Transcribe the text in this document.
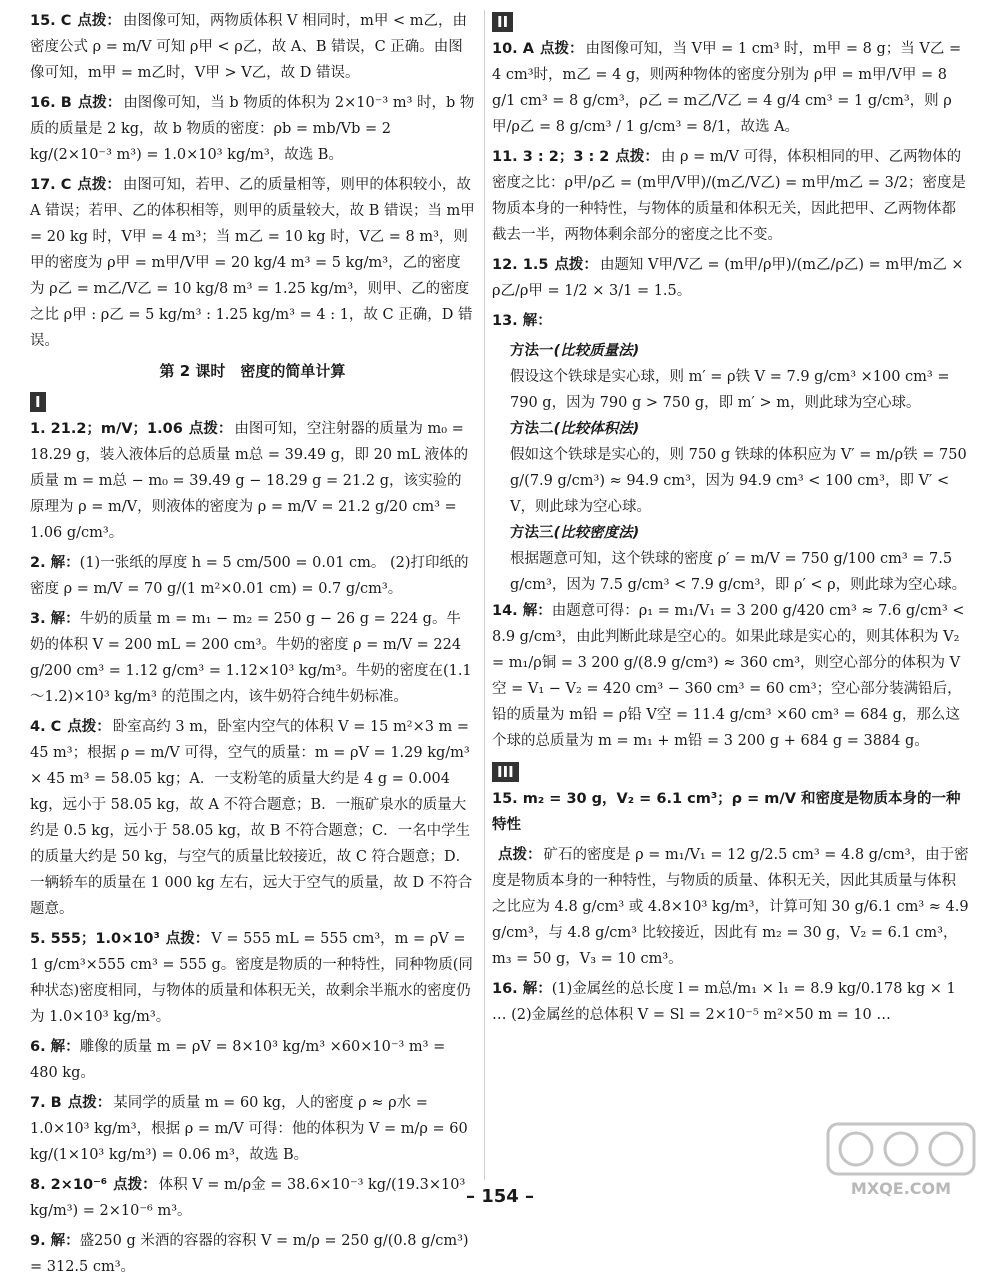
15. C 点拨： 由图像可知，两物质体积 V 相同时，m甲 < m乙，由密度公式 ρ = m/V 可知 ρ甲 < ρ乙，故 A、B 错误，C 正确。由图像可知，m甲 = m乙时，V甲 > V乙，故 D 错误。

16. B 点拨： 由图像可知，当 b 物质的体积为 2×10⁻³ m³ 时，b 物质的质量是 2 kg，故 b 物质的密度：ρb = mb/Vb = 2 kg/(2×10⁻³ m³) = 1.0×10³ kg/m³，故选 B。

17. C 点拨： 由图可知，若甲、乙的质量相等，则甲的体积较小，故 A 错误；若甲、乙的体积相等，则甲的质量较大，故 B 错误；当 m甲 = 20 kg 时，V甲 = 4 m³；当 m乙 = 10 kg 时，V乙 = 8 m³，则甲的密度为 ρ甲 = m甲/V甲 = 20 kg/4 m³ = 5 kg/m³，乙的密度为 ρ乙 = m乙/V乙 = 10 kg/8 m³ = 1.25 kg/m³，则甲、乙的密度之比 ρ甲 : ρ乙 = 5 kg/m³ : 1.25 kg/m³ = 4 : 1，故 C 正确，D 错误。

第 2 课时　密度的简单计算
I

1. 21.2；m/V；1.06 点拨： 由图可知，空注射器的质量为 m₀ = 18.29 g，装入液体后的总质量 m总 = 39.49 g，即 20 mL 液体的质量 m = m总 − m₀ = 39.49 g − 18.29 g = 21.2 g，该实验的原理为 ρ = m/V，则液体的密度为 ρ = m/V = 21.2 g/20 cm³ = 1.06 g/cm³。

2. 解：(1)一张纸的厚度 h = 5 cm/500 = 0.01 cm。 (2)打印纸的密度 ρ = m/V = 70 g/(1 m²×0.01 cm) = 0.7 g/cm³。

3. 解：牛奶的质量 m = m₁ − m₂ = 250 g − 26 g = 224 g。牛奶的体积 V = 200 mL = 200 cm³。牛奶的密度 ρ = m/V = 224 g/200 cm³ = 1.12 g/cm³ = 1.12×10³ kg/m³。牛奶的密度在(1.1～1.2)×10³ kg/m³ 的范围之内，该牛奶符合纯牛奶标准。

4. C 点拨： 卧室高约 3 m，卧室内空气的体积 V = 15 m²×3 m = 45 m³；根据 ρ = m/V 可得，空气的质量：m = ρV = 1.29 kg/m³ × 45 m³ = 58.05 kg；A．一支粉笔的质量大约是 4 g = 0.004 kg，远小于 58.05 kg，故 A 不符合题意；B．一瓶矿泉水的质量大约是 0.5 kg，远小于 58.05 kg，故 B 不符合题意；C．一名中学生的质量大约是 50 kg，与空气的质量比较接近，故 C 符合题意；D．一辆轿车的质量在 1 000 kg 左右，远大于空气的质量，故 D 不符合题意。

5. 555；1.0×10³ 点拨： V = 555 mL = 555 cm³，m = ρV = 1 g/cm³×555 cm³ = 555 g。密度是物质的一种特性，同种物质(同种状态)密度相同，与物体的质量和体积无关，故剩余半瓶水的密度仍为 1.0×10³ kg/m³。

6. 解：雕像的质量 m = ρV = 8×10³ kg/m³ ×60×10⁻³ m³ = 480 kg。

7. B 点拨： 某同学的质量 m = 60 kg，人的密度 ρ ≈ ρ水 = 1.0×10³ kg/m³，根据 ρ = m/V 可得：他的体积为 V = m/ρ = 60 kg/(1×10³ kg/m³) = 0.06 m³，故选 B。

8. 2×10⁻⁶ 点拨： 体积 V = m/ρ金 = 38.6×10⁻³ kg/(19.3×10³ kg/m³) = 2×10⁻⁶ m³。

9. 解：盛250 g 米酒的容器的容积 V = m/ρ = 250 g/(0.8 g/cm³) = 312.5 cm³。

II

10. A 点拨： 由图像可知，当 V甲 = 1 cm³ 时，m甲 = 8 g；当 V乙 = 4 cm³时，m乙 = 4 g，则两种物体的密度分别为 ρ甲 = m甲/V甲 = 8 g/1 cm³ = 8 g/cm³，ρ乙 = m乙/V乙 = 4 g/4 cm³ = 1 g/cm³，则 ρ甲/ρ乙 = 8 g/cm³ / 1 g/cm³ = 8/1，故选 A。

11. 3 : 2；3 : 2 点拨： 由 ρ = m/V 可得，体积相同的甲、乙两物体的密度之比：ρ甲/ρ乙 = (m甲/V甲)/(m乙/V乙) = m甲/m乙 = 3/2；密度是物质本身的一种特性，与物体的质量和体积无关，因此把甲、乙两物体都截去一半，两物体剩余部分的密度之比不变。

12. 1.5 点拨： 由题知 V甲/V乙 = (m甲/ρ甲)/(m乙/ρ乙) = m甲/m乙 × ρ乙/ρ甲 = 1/2 × 3/1 = 1.5。

13. 解：

方法一(比较质量法)
假设这个铁球是实心球，则 m′ = ρ铁 V = 7.9 g/cm³ ×100 cm³ = 790 g，因为 790 g > 750 g，即 m′ > m，则此球为空心球。

方法二(比较体积法)
假如这个铁球是实心的，则 750 g 铁球的体积应为 V′ = m/ρ铁 = 750 g/(7.9 g/cm³) ≈ 94.9 cm³，因为 94.9 cm³ < 100 cm³，即 V′ < V，则此球为空心球。

方法三(比较密度法)
根据题意可知，这个铁球的密度 ρ′ = m/V = 750 g/100 cm³ = 7.5 g/cm³，因为 7.5 g/cm³ < 7.9 g/cm³，即 ρ′ < ρ，则此球为空心球。

14. 解：由题意可得：ρ₁ = m₁/V₁ = 3 200 g/420 cm³ ≈ 7.6 g/cm³ < 8.9 g/cm³，由此判断此球是空心的。如果此球是实心的，则其体积为 V₂ = m₁/ρ铜 = 3 200 g/(8.9 g/cm³) ≈ 360 cm³，则空心部分的体积为 V空 = V₁ − V₂ = 420 cm³ − 360 cm³ = 60 cm³；空心部分装满铅后，铅的质量为 m铅 = ρ铅 V空 = 11.4 g/cm³ ×60 cm³ = 684 g，那么这个球的总质量为 m = m₁ + m铅 = 3 200 g + 684 g = 3884 g。

III

15. m₂ = 30 g，V₂ = 6.1 cm³；ρ = m/V 和密度是物质本身的一种特性

点拨： 矿石的密度是 ρ = m₁/V₁ = 12 g/2.5 cm³ = 4.8 g/cm³，由于密度是物质本身的一种特性，与物质的质量、体积无关，因此其质量与体积之比应为 4.8 g/cm³ 或 4.8×10³ kg/m³，计算可知 30 g/6.1 cm³ ≈ 4.9 g/cm³，与 4.8 g/cm³ 比较接近，因此有 m₂ = 30 g，V₂ = 6.1 cm³，m₃ = 50 g，V₃ = 10 cm³。

16. 解：(1)金属丝的总长度 l = m总/m₁ × l₁ = 8.9 kg/0.178 kg × 1 … (2)金属丝的总体积 V = Sl = 2×10⁻⁵ m²×50 m = 10 …

– 154 –	MXQE.COM
